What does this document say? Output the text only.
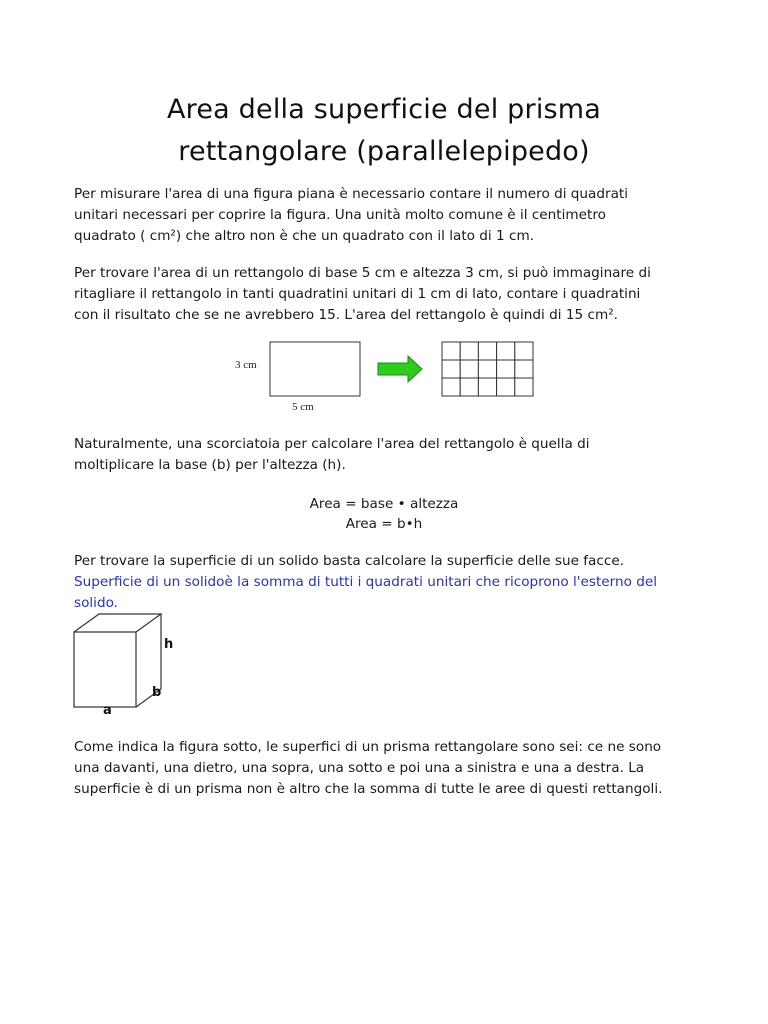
Area della superficie del prisma
rettangolare (parallelepipedo)
Per misurare l'area di una figura piana è necessario contare il numero di quadrati
unitari necessari per coprire la figura. Una unità molto comune è il centimetro
quadrato ( cm²) che altro non è che un quadrato con il lato di 1 cm.
Per trovare l'area di un rettangolo di base 5 cm e altezza 3 cm, si può immaginare di
ritagliare il rettangolo in tanti quadratini unitari di 1 cm di lato, contare i quadratini
con il risultato che se ne avrebbero 15. L'area del rettangolo è quindi di 15 cm².
3 cm
5 cm
Naturalmente, una scorciatoia per calcolare l'area del rettangolo è quella di
moltiplicare la base (b) per l'altezza (h).
Area = base • altezza
Area = b•h
Per trovare la superficie di un solido basta calcolare la superficie delle sue facce.
Superficie di un solidoè la somma di tutti i quadrati unitari che ricoprono l'esterno del
solido.
h
b
a
Come indica la figura sotto, le superfici di un prisma rettangolare sono sei: ce ne sono
una davanti, una dietro, una sopra, una sotto e poi una a sinistra e una a destra. La
superficie è di un prisma non è altro che la somma di tutte le aree di questi rettangoli.
